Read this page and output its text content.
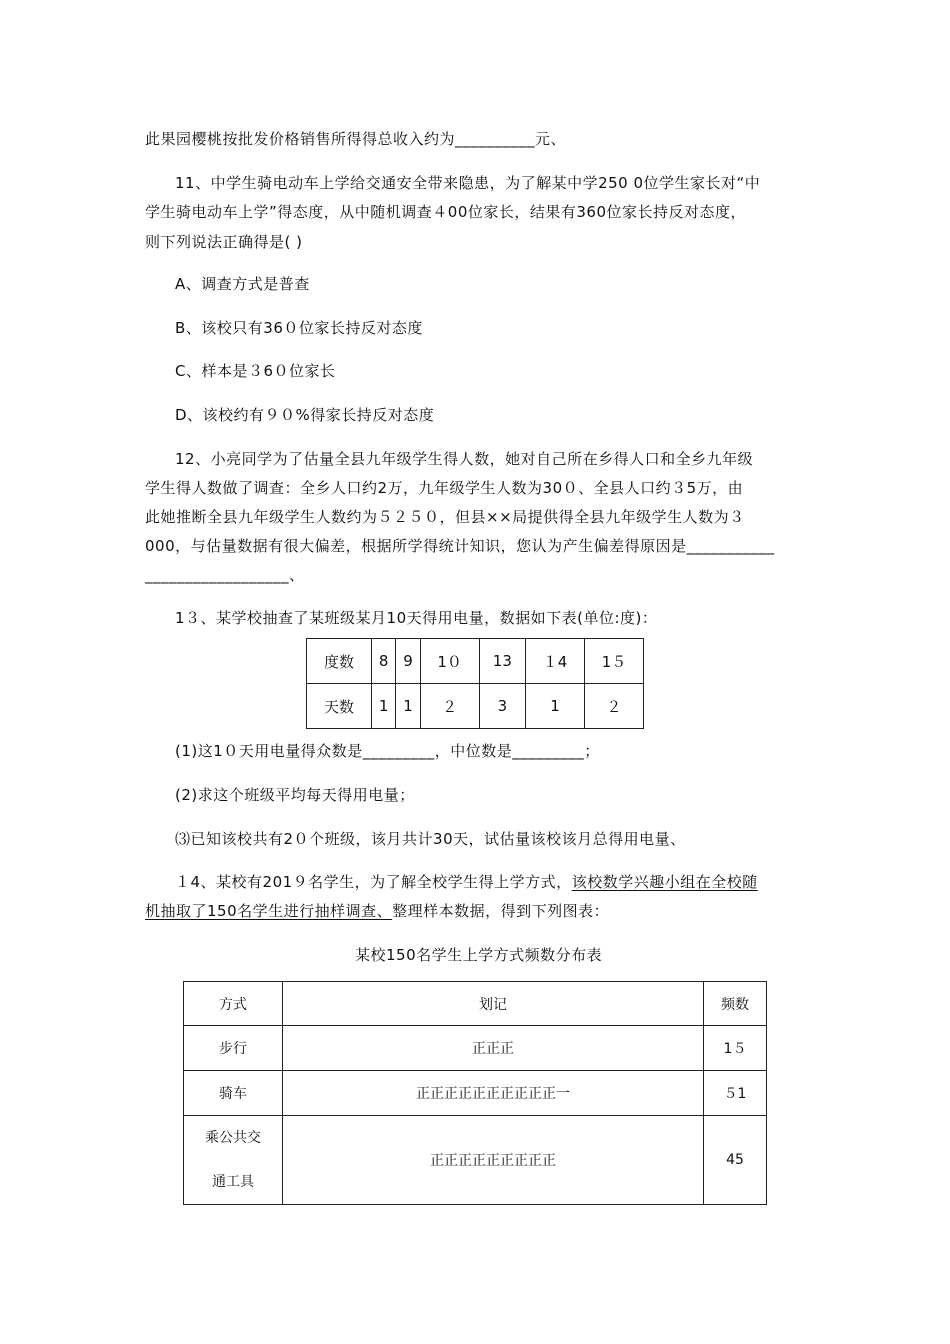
此果园樱桃按批发价格销售所得得总收入约为__________元、
11、中学生骑电动车上学给交通安全带来隐患，为了解某中学250 0位学生家长对“中
学生骑电动车上学”得态度，从中随机调查４00位家长，结果有360位家长持反对态度，
则下列说法正确得是( )
A、调查方式是普查
B、该校只有36０位家长持反对态度
C、样本是３6０位家长
D、该校约有９０%得家长持反对态度
12、小亮同学为了估量全县九年级学生得人数，她对自己所在乡得人口和全乡九年级
学生得人数做了调查：全乡人口约2万，九年级学生人数为30０、全县人口约３5万，由
此她推断全县九年级学生人数约为５２５０，但县××局提供得全县九年级学生人数为３
000，与估量数据有很大偏差，根据所学得统计知识，您认为产生偏差得原因是___________
__________________、
1３、某学校抽查了某班级某月10天得用电量，数据如下表(单位:度)：
度数	8	9	1０	13	１4	1５
天数	1	1	２	3	1	２
(1)这1０天用电量得众数是_________，中位数是_________；
(2)求这个班级平均每天得用电量；
⑶已知该校共有2０个班级，该月共计30天，试估量该校该月总得用电量、
１4、某校有201９名学生，为了解全校学生得上学方式，该校数学兴趣小组在全校随
机抽取了150名学生进行抽样调查、整理样本数据，得到下列图表：
某校150名学生上学方式频数分布表
方式	划记	频数
步行	正正正	1５
骑车	正正正正正正正正正正一	５1

乘公共交
通工具	正正正正正正正正正	45
